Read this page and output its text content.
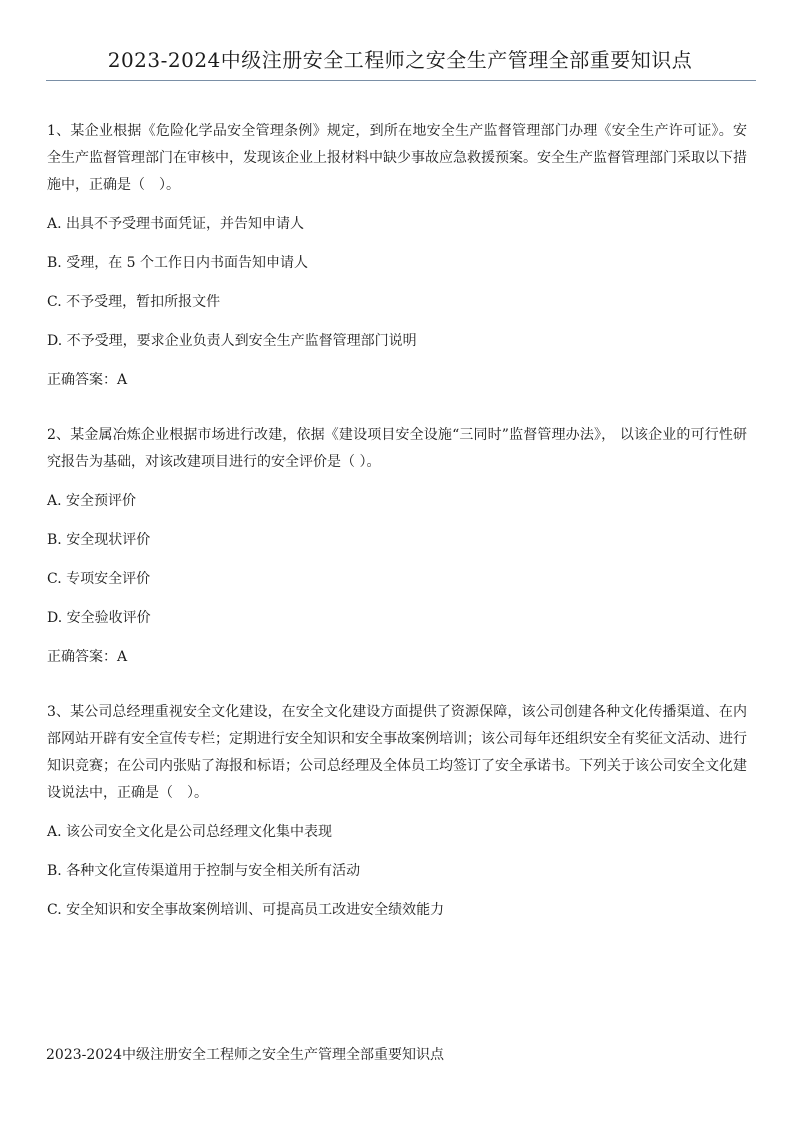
2023-2024中级注册安全工程师之安全生产管理全部重要知识点

1、某企业根据《危险化学品安全管理条例》规定，到所在地安全生产监督管理部门办理《安全生产许可证》。安全生产监督管理部门在审核中，发现该企业上报材料中缺少事故应急救援预案。安全生产监督管理部门采取以下措施中，正确是（　）。

A. 出具不予受理书面凭证，并告知申请人

B. 受理，在 5 个工作日内书面告知申请人

C. 不予受理，暂扣所报文件

D. 不予受理，要求企业负责人到安全生产监督管理部门说明

正确答案：A

2、某金属冶炼企业根据市场进行改建，依据《建设项目安全设施“三同时”监督管理办法》， 以该企业的可行性研究报告为基础，对该改建项目进行的安全评价是（ ）。

A. 安全预评价

B. 安全现状评价

C. 专项安全评价

D. 安全验收评价

正确答案：A

3、某公司总经理重视安全文化建设，在安全文化建设方面提供了资源保障，该公司创建各种文化传播渠道、在内部网站开辟有安全宣传专栏；定期进行安全知识和安全事故案例培训；该公司每年还组织安全有奖征文活动、进行知识竞赛；在公司内张贴了海报和标语；公司总经理及全体员工均签订了安全承诺书。下列关于该公司安全文化建设说法中，正确是（　）。

A. 该公司安全文化是公司总经理文化集中表现

B. 各种文化宣传渠道用于控制与安全相关所有活动

C. 安全知识和安全事故案例培训、可提高员工改进安全绩效能力

2023-2024中级注册安全工程师之安全生产管理全部重要知识点
